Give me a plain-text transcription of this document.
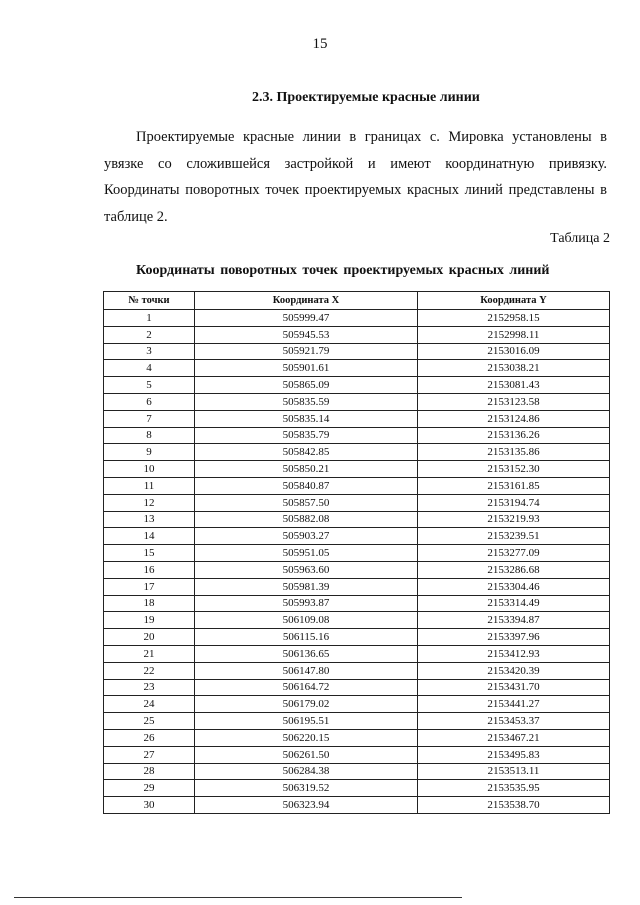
15
2.3. Проектируемые красные линии
Проектируемые красные линии в границах с. Мировка установлены в увязке со сложившейся застройкой и имеют координатную привязку. Координаты поворотных точек проектируемых красных линий представлены в таблице 2.
Таблица 2
Координаты поворотных точек проектируемых красных линий
№ точки	Координата X	Координата Y
1	505999.47	2152958.15
2	505945.53	2152998.11
3	505921.79	2153016.09
4	505901.61	2153038.21
5	505865.09	2153081.43
6	505835.59	2153123.58
7	505835.14	2153124.86
8	505835.79	2153136.26
9	505842.85	2153135.86
10	505850.21	2153152.30
11	505840.87	2153161.85
12	505857.50	2153194.74
13	505882.08	2153219.93
14	505903.27	2153239.51
15	505951.05	2153277.09
16	505963.60	2153286.68
17	505981.39	2153304.46
18	505993.87	2153314.49
19	506109.08	2153394.87
20	506115.16	2153397.96
21	506136.65	2153412.93
22	506147.80	2153420.39
23	506164.72	2153431.70
24	506179.02	2153441.27
25	506195.51	2153453.37
26	506220.15	2153467.21
27	506261.50	2153495.83
28	506284.38	2153513.11
29	506319.52	2153535.95
30	506323.94	2153538.70
